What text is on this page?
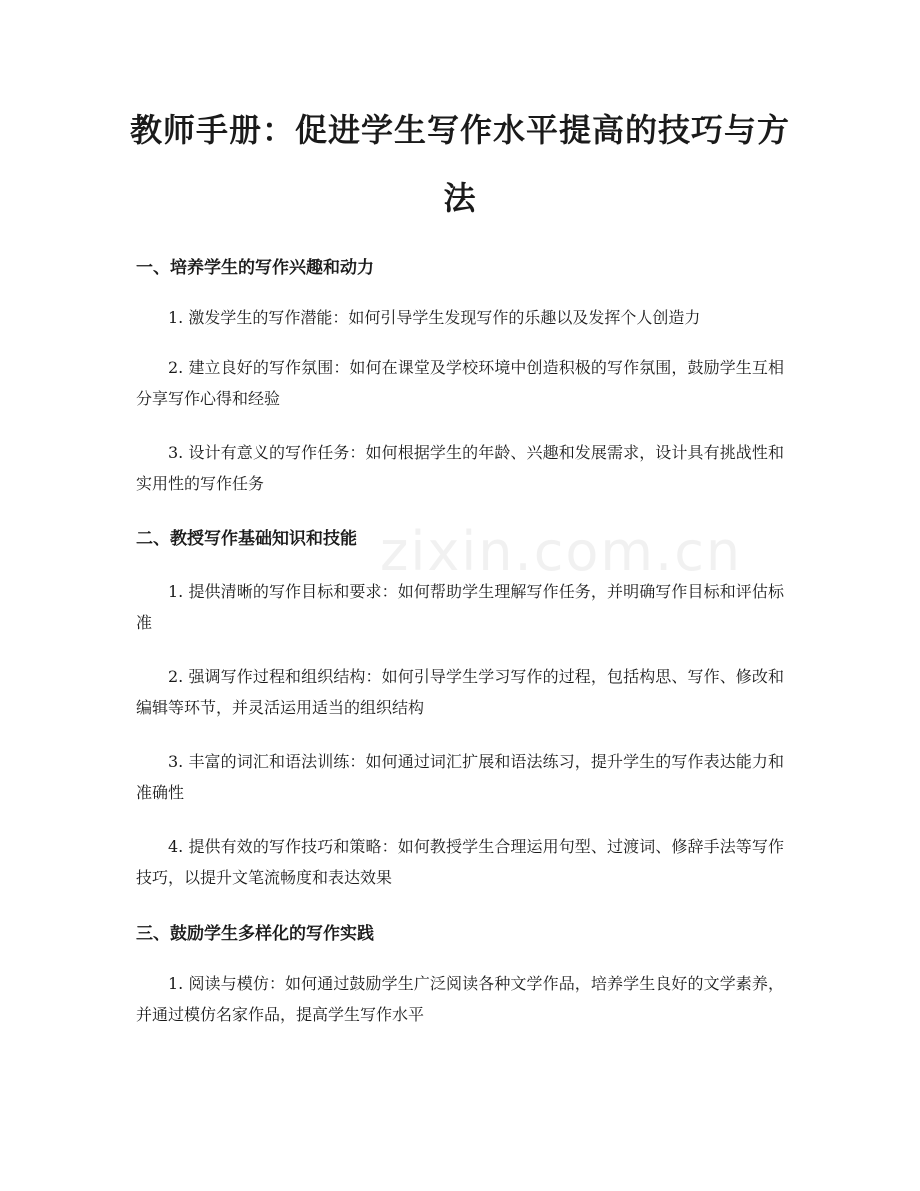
zixin.com.cn
教师手册：促进学生写作水平提高的技巧与方法
一、培养学生的写作兴趣和动力

1. 激发学生的写作潜能：如何引导学生发现写作的乐趣以及发挥个人创造力

2. 建立良好的写作氛围：如何在课堂及学校环境中创造积极的写作氛围，鼓励学生互相分享写作心得和经验

3. 设计有意义的写作任务：如何根据学生的年龄、兴趣和发展需求，设计具有挑战性和实用性的写作任务

二、教授写作基础知识和技能

1. 提供清晰的写作目标和要求：如何帮助学生理解写作任务，并明确写作目标和评估标准

2. 强调写作过程和组织结构：如何引导学生学习写作的过程，包括构思、写作、修改和编辑等环节，并灵活运用适当的组织结构

3. 丰富的词汇和语法训练：如何通过词汇扩展和语法练习，提升学生的写作表达能力和准确性

4. 提供有效的写作技巧和策略：如何教授学生合理运用句型、过渡词、修辞手法等写作技巧，以提升文笔流畅度和表达效果

三、鼓励学生多样化的写作实践

1. 阅读与模仿：如何通过鼓励学生广泛阅读各种文学作品，培养学生良好的文学素养，并通过模仿名家作品，提高学生写作水平
